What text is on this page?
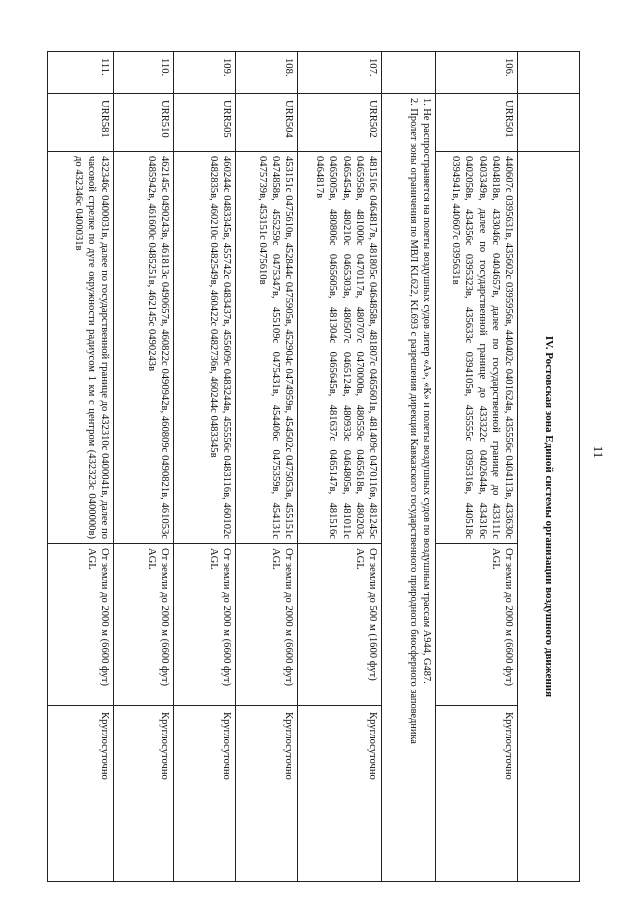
11
		IV. Ростовская зона Единой системы организации воздушного движения		
106.	URR501	440607с 0395631в, 435602с 0395956в, 440402с 0401624в, 435556с 0404113в, 433630с 0404818в, 433046с 0404657в, далее по государственной границе до 433111с 0403349в, далее по государственной границе до 433322с 0402644в, 434316с 0402058в, 434356с 0395323в, 435633с 0394105в, 435555с 0395316в, 440518с 0394941в, 440607с 0395631в	От земли до 2000 м (6600 фут) AGL	Круглосуточно

	1. Не распространяется на полеты воздушных судов литер «А», «К» и полеты воздушных судов по воздушным трассам A944, G487.
2. Пролет зоны ограничения по МВЛ KL622, KL693 с разрешения дирекции Кавказского государственного природного биосферного заповедника			

107.	URR502	481516с 0464817в, 481805с 0464858в, 481807с 0465601в, 481409с 0470116в, 481245с 0465958в, 481000с 0470117в, 480707с 0470000в, 480559с 0465618в, 480203с 0465454в, 480210с 0465303в, 480507с 0465124в, 480933с 0464805в, 481011с 0465005в, 480806с 0465605в, 481304с 0465645в, 481637с 0465147в, 481516с 0464817в	От земли до 500 м (1600 фут) AGL	Круглосуточно
108.	URR504	453151с 0475610в, 452844с 0475905в, 452904с 0474959в, 454502с 0475053в, 455151с 0474858в, 455259с 0475347в, 455109с 0475431в, 454406с 0475359в, 454131с 0475739в, 453151с 0475610в	От земли до 2000 м (6600 фут) AGL	Круглосуточно
109.	URR505	460244с 0483345в, 455742с 0483437в, 455609с 0483244в, 455556с 0483116в, 460102с 0482835в, 460210с 0482549в, 460422с 0482736в, 460244с 0483345в	От земли до 2000 м (6600 фут) AGL	Круглосуточно
110.	URR510	462145с 0490243в, 461813с 0490657в, 460822с 0490942в, 460809с 0490821в, 461053с 0485942в, 461600с 0485251в, 462145с 0490243в	От земли до 2000 м (6600 фут) AGL	Круглосуточно
111.	URR581	432346с 0400031в, далее по государственной границе до 432310с 0400041в, далее по часовой стрелке по дуге окружности радиусом 1 км с центром (432323с 0400000в) до 432346с 0400031в	От земли до 2000 м (6600 фут) AGL	Круглосуточно
